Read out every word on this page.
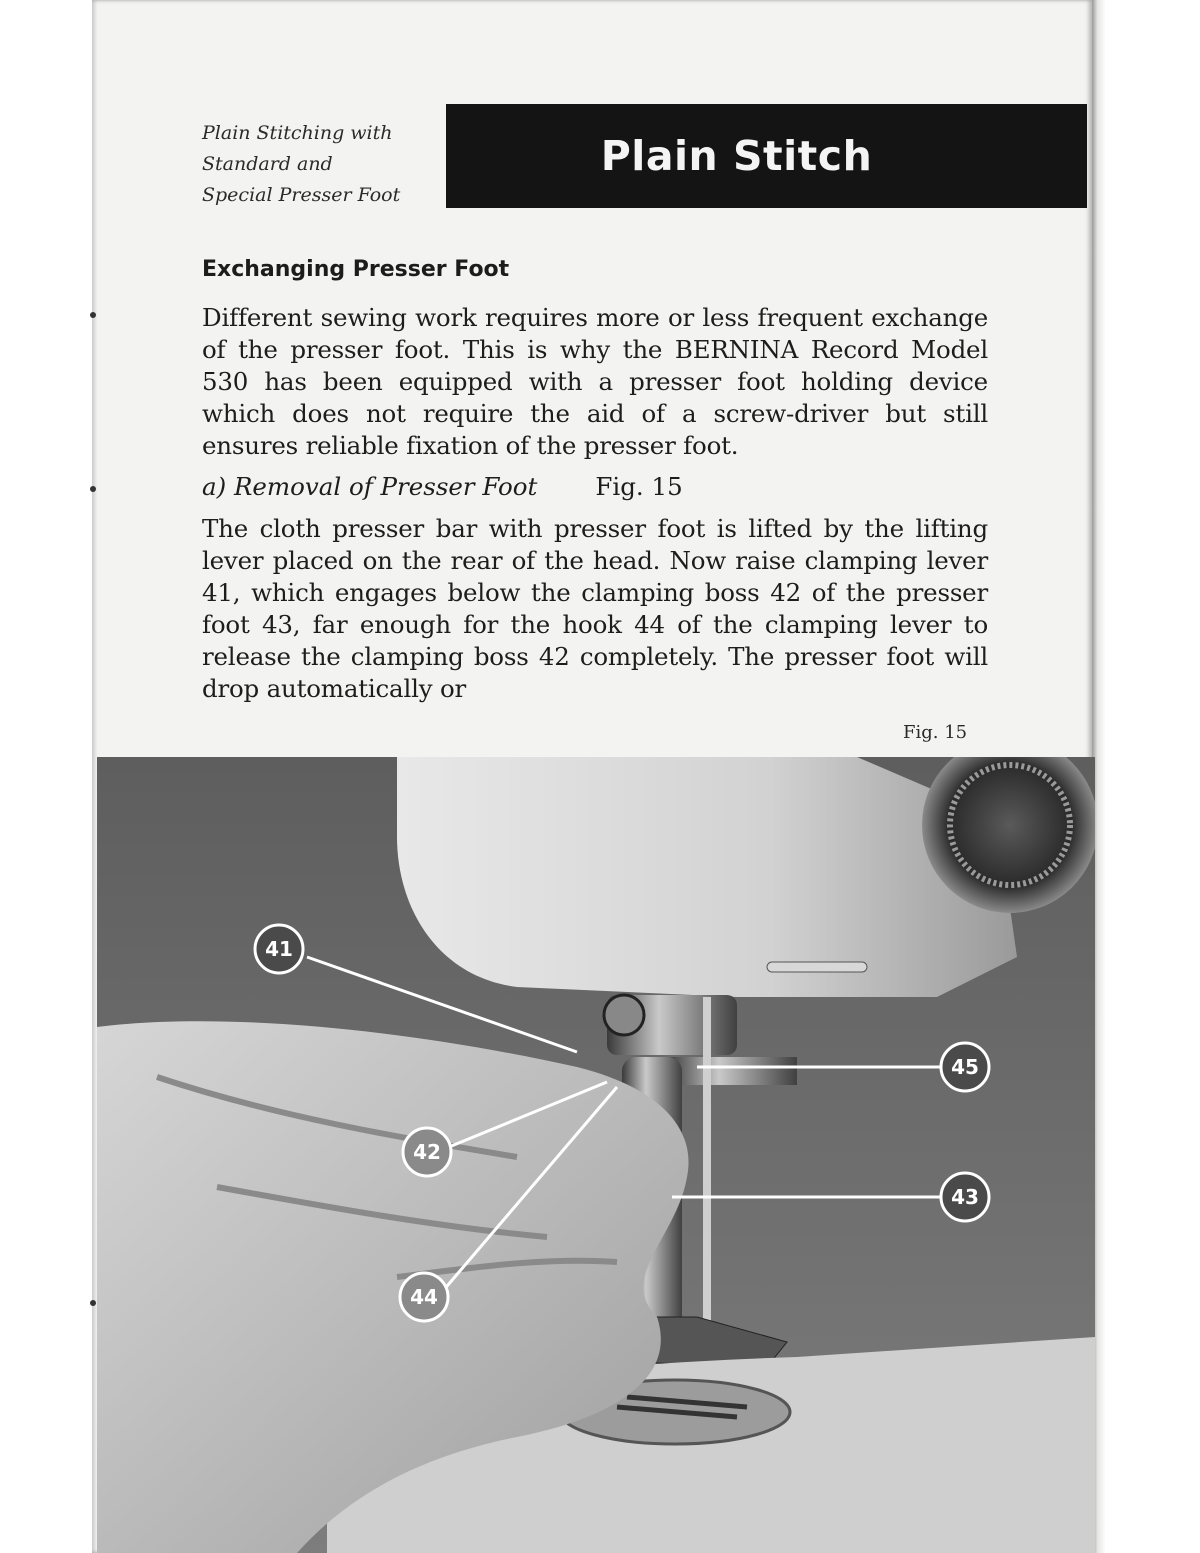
Plain Stitching with
Standard and
Special Presser Foot
Plain Stitch
Exchanging Presser Foot
Different sewing work requires more or less frequent exchange of the presser foot. This is why the BERNINA Record Model 530 has been equipped with a presser foot holding device which does not require the aid of a screw-driver but still ensures reliable fixation of the presser foot.
a) Removal of Presser Foot Fig. 15
The cloth presser bar with presser foot is lifted by the lifting lever placed on the rear of the head. Now raise clamping lever 41, which engages below the clamping boss 42 of the presser foot 43, far enough for the hook 44 of the clamping lever to release the clamping boss 42 completely. The presser foot will drop automatically or
Fig. 15
41
42
44
45
43
